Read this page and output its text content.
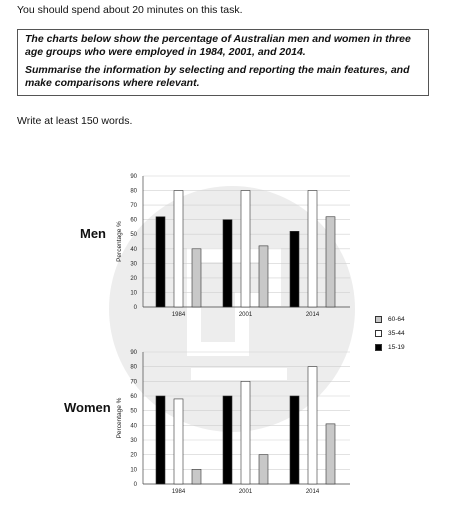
You should spend about 20 minutes on this task.

The charts below show the percentage of Australian men and women in three age groups who were employed in 1984, 2001, and 2014.

Summarise the information by selecting and reporting the main features, and make comparisons where relevant.

Write at least 150 words.
Men
Women
0
10
20
30
40
50
60
70
80
90
Percentage %
1984	2001	2014
0
10
20
30
40
50
60
70
80
90
Percentage %
1984	2001	2014
60-64
35-44
15-19
